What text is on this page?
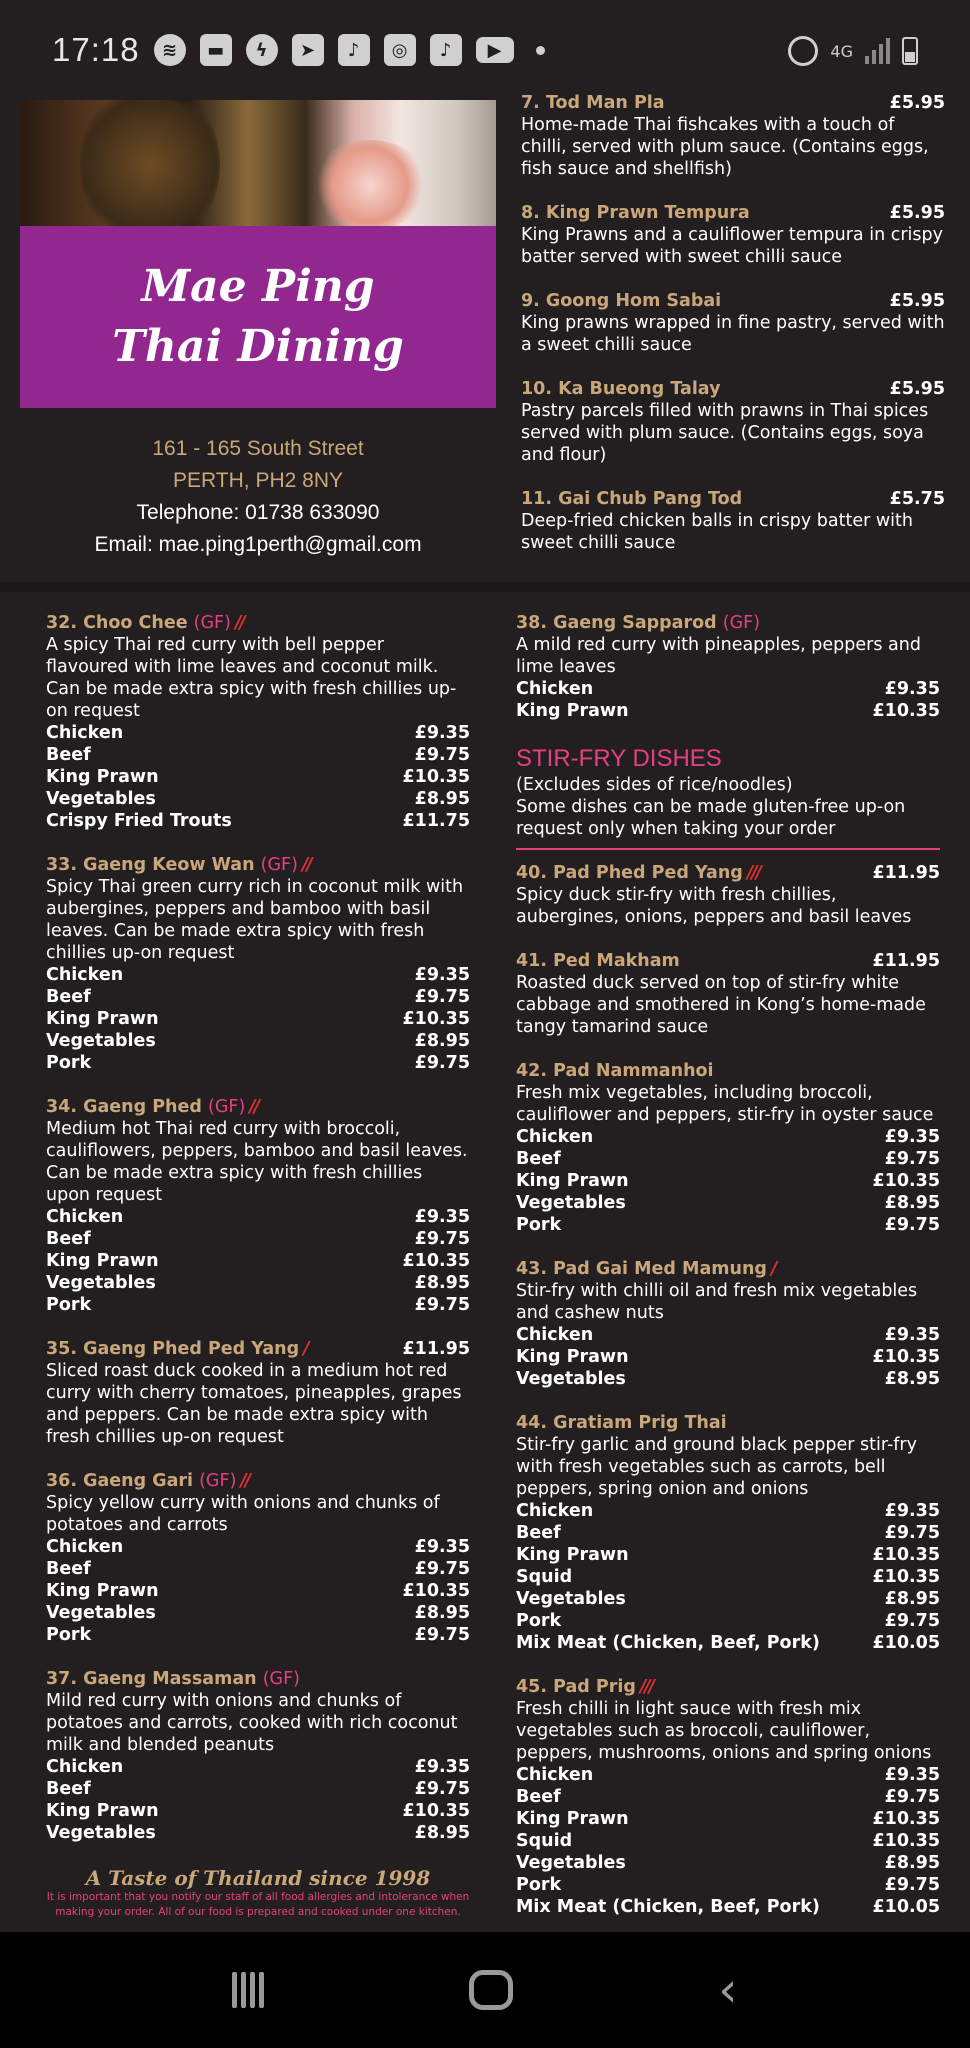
17:18	≋	▬	ϟ	➤	♪	◎	♪	▶	4G
Mae Ping
Thai Dining
161 - 165 South Street
PERTH, PH2 8NY
Telephone: 01738 633090
Email: mae.ping1perth@gmail.com
7. Tod Man Pla	£5.95
Home-made Thai fishcakes with a touch of chilli, served with plum sauce. (Contains eggs, fish sauce and shellfish)
8. King Prawn Tempura	£5.95
King Prawns and a cauliflower tempura in crispy batter served with sweet chilli sauce
9. Goong Hom Sabai	£5.95
King prawns wrapped in fine pastry, served with a sweet chilli sauce
10. Ka Bueong Talay	£5.95
Pastry parcels filled with prawns in Thai spices served with plum sauce. (Contains eggs, soya and flour)
11. Gai Chub Pang Tod	£5.75
Deep-fried chicken balls in crispy batter with sweet chilli sauce
32. Choo Chee (GF) //
A spicy Thai red curry with bell pepper flavoured with lime leaves and coconut milk. Can be made extra spicy with fresh chillies up-on request
Chicken	£9.35
Beef	£9.75
King Prawn	£10.35
Vegetables	£8.95
Crispy Fried Trouts	£11.75
33. Gaeng Keow Wan (GF) //
Spicy Thai green curry rich in coconut milk with aubergines, peppers and bamboo with basil leaves. Can be made extra spicy with fresh chillies up-on request
Chicken	£9.35
Beef	£9.75
King Prawn	£10.35
Vegetables	£8.95
Pork	£9.75
34. Gaeng Phed (GF) //
Medium hot Thai red curry with broccoli, cauliflowers, peppers, bamboo and basil leaves. Can be made extra spicy with fresh chillies upon request
Chicken	£9.35
Beef	£9.75
King Prawn	£10.35
Vegetables	£8.95
Pork	£9.75
35. Gaeng Phed Ped Yang /	£11.95
Sliced roast duck cooked in a medium hot red curry with cherry tomatoes, pineapples, grapes and peppers. Can be made extra spicy with fresh chillies up-on request
36. Gaeng Gari (GF) //
Spicy yellow curry with onions and chunks of potatoes and carrots
Chicken	£9.35
Beef	£9.75
King Prawn	£10.35
Vegetables	£8.95
Pork	£9.75
37. Gaeng Massaman (GF)
Mild red curry with onions and chunks of potatoes and carrots, cooked with rich coconut milk and blended peanuts
Chicken	£9.35
Beef	£9.75
King Prawn	£10.35
Vegetables	£8.95
A Taste of Thailand since 1998
It is important that you notify our staff of all food allergies and intolerance when making your order. All of our food is prepared and cooked under one kitchen.
38. Gaeng Sapparod (GF)
A mild red curry with pineapples, peppers and lime leaves
Chicken	£9.35
King Prawn	£10.35
STIR-FRY DISHES
(Excludes sides of rice/noodles)
Some dishes can be made gluten-free up-on request only when taking your order
40. Pad Phed Ped Yang ///	£11.95
Spicy duck stir-fry with fresh chillies, aubergines, onions, peppers and basil leaves
41. Ped Makham	£11.95
Roasted duck served on top of stir-fry white cabbage and smothered in Kong’s home-made tangy tamarind sauce
42. Pad Nammanhoi
Fresh mix vegetables, including broccoli, cauliflower and peppers, stir-fry in oyster sauce
Chicken	£9.35
Beef	£9.75
King Prawn	£10.35
Vegetables	£8.95
Pork	£9.75
43. Pad Gai Med Mamung /
Stir-fry with chilli oil and fresh mix vegetables and cashew nuts
Chicken	£9.35
King Prawn	£10.35
Vegetables	£8.95
44. Gratiam Prig Thai
Stir-fry garlic and ground black pepper stir-fry with fresh vegetables such as carrots, bell peppers, spring onion and onions
Chicken	£9.35
Beef	£9.75
King Prawn	£10.35
Squid	£10.35
Vegetables	£8.95
Pork	£9.75
Mix Meat (Chicken, Beef, Pork)	£10.05
45. Pad Prig ///
Fresh chilli in light sauce with fresh mix vegetables such as broccoli, cauliflower, peppers, mushrooms, onions and spring onions
Chicken	£9.35
Beef	£9.75
King Prawn	£10.35
Squid	£10.35
Vegetables	£8.95
Pork	£9.75
Mix Meat (Chicken, Beef, Pork)	£10.05
‹
